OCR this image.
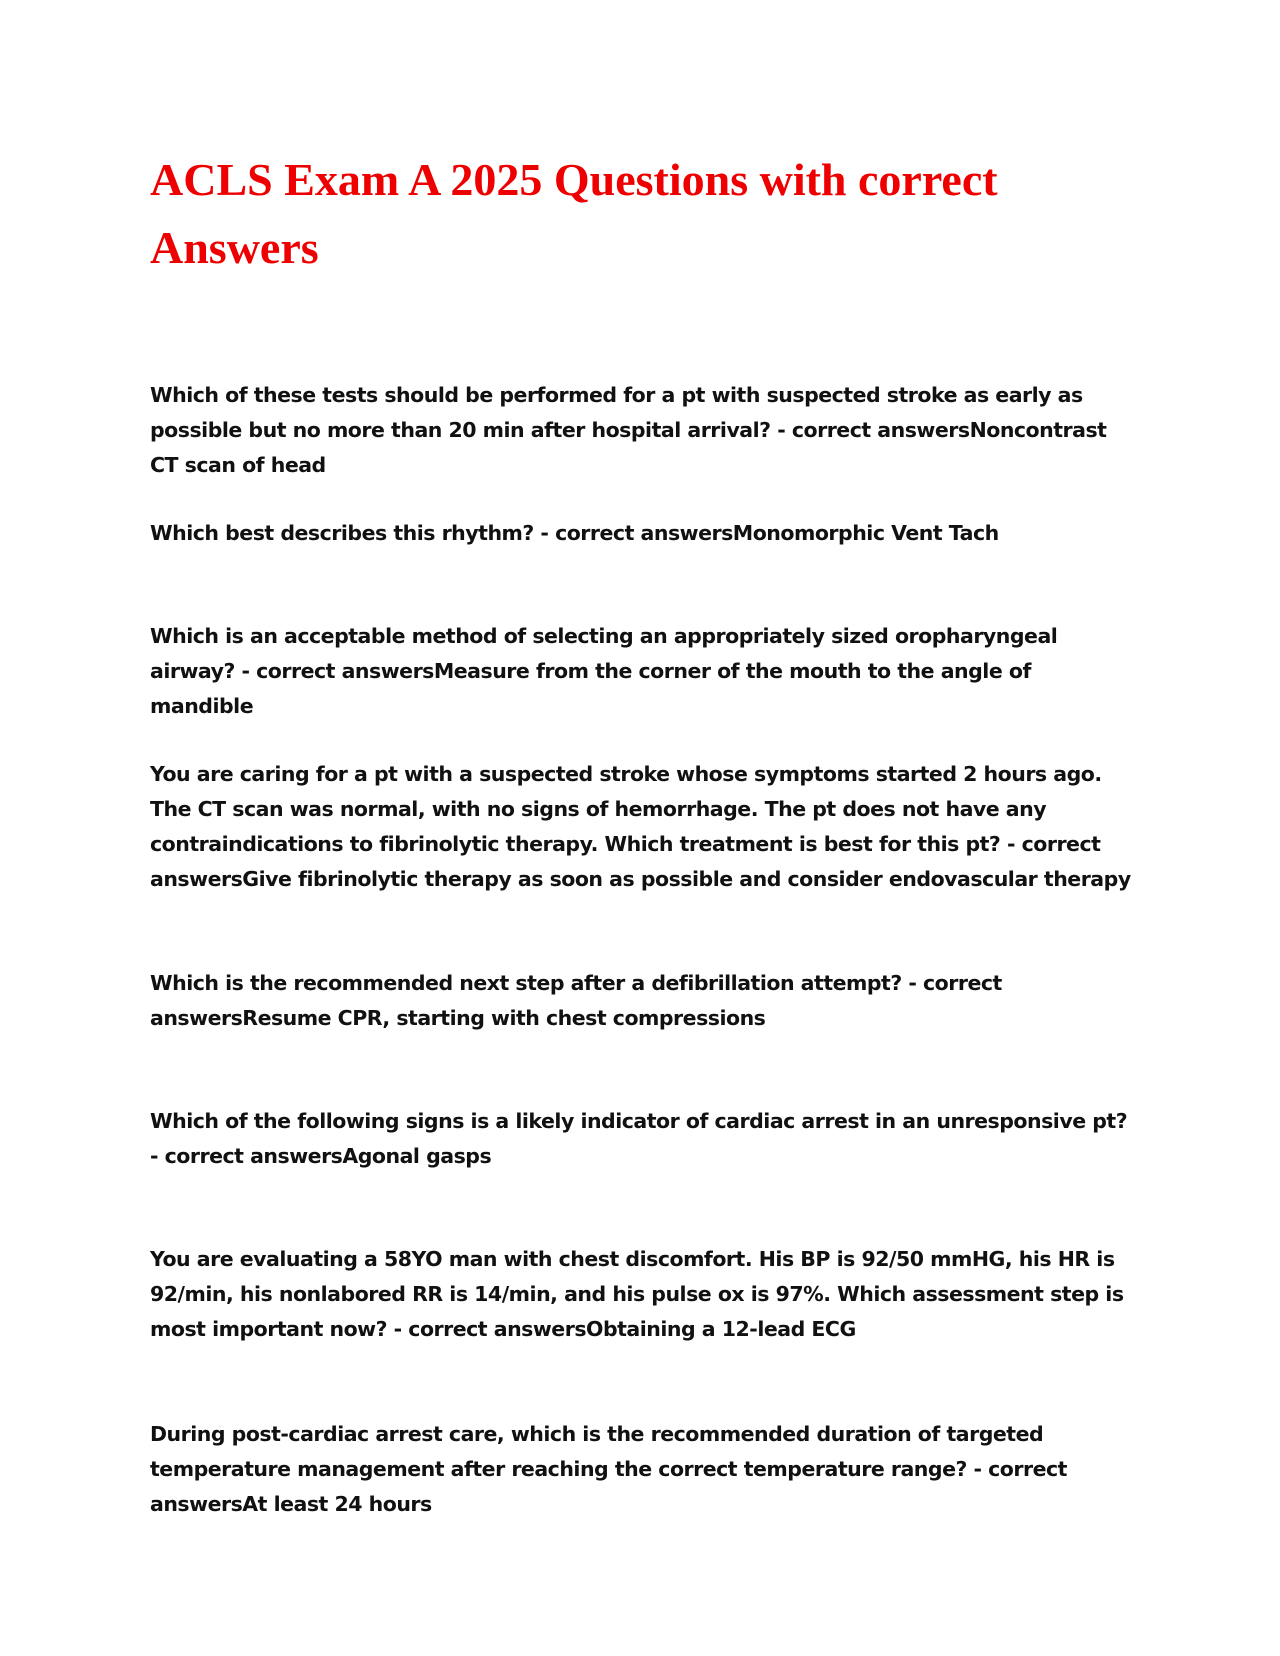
ACLS Exam A 2025 Questions with correct Answers

Which of these tests should be performed for a pt with suspected stroke as early as possible but no more than 20 min after hospital arrival? - correct answersNoncontrast CT scan of head

Which best describes this rhythm? - correct answersMonomorphic Vent Tach

Which is an acceptable method of selecting an appropriately sized oropharyngeal airway? - correct answersMeasure from the corner of the mouth to the angle of mandible

You are caring for a pt with a suspected stroke whose symptoms started 2 hours ago. The CT scan was normal, with no signs of hemorrhage. The pt does not have any contraindications to fibrinolytic therapy. Which treatment is best for this pt? - correct answersGive fibrinolytic therapy as soon as possible and consider endovascular therapy

Which is the recommended next step after a defibrillation attempt? - correct answersResume CPR, starting with chest compressions

Which of the following signs is a likely indicator of cardiac arrest in an unresponsive pt? - correct answersAgonal gasps

You are evaluating a 58YO man with chest discomfort. His BP is 92/50 mmHG, his HR is 92/min, his nonlabored RR is 14/min, and his pulse ox is 97%. Which assessment step is most important now? - correct answersObtaining a 12-lead ECG

During post-cardiac arrest care, which is the recommended duration of targeted temperature management after reaching the correct temperature range? - correct answersAt least 24 hours
